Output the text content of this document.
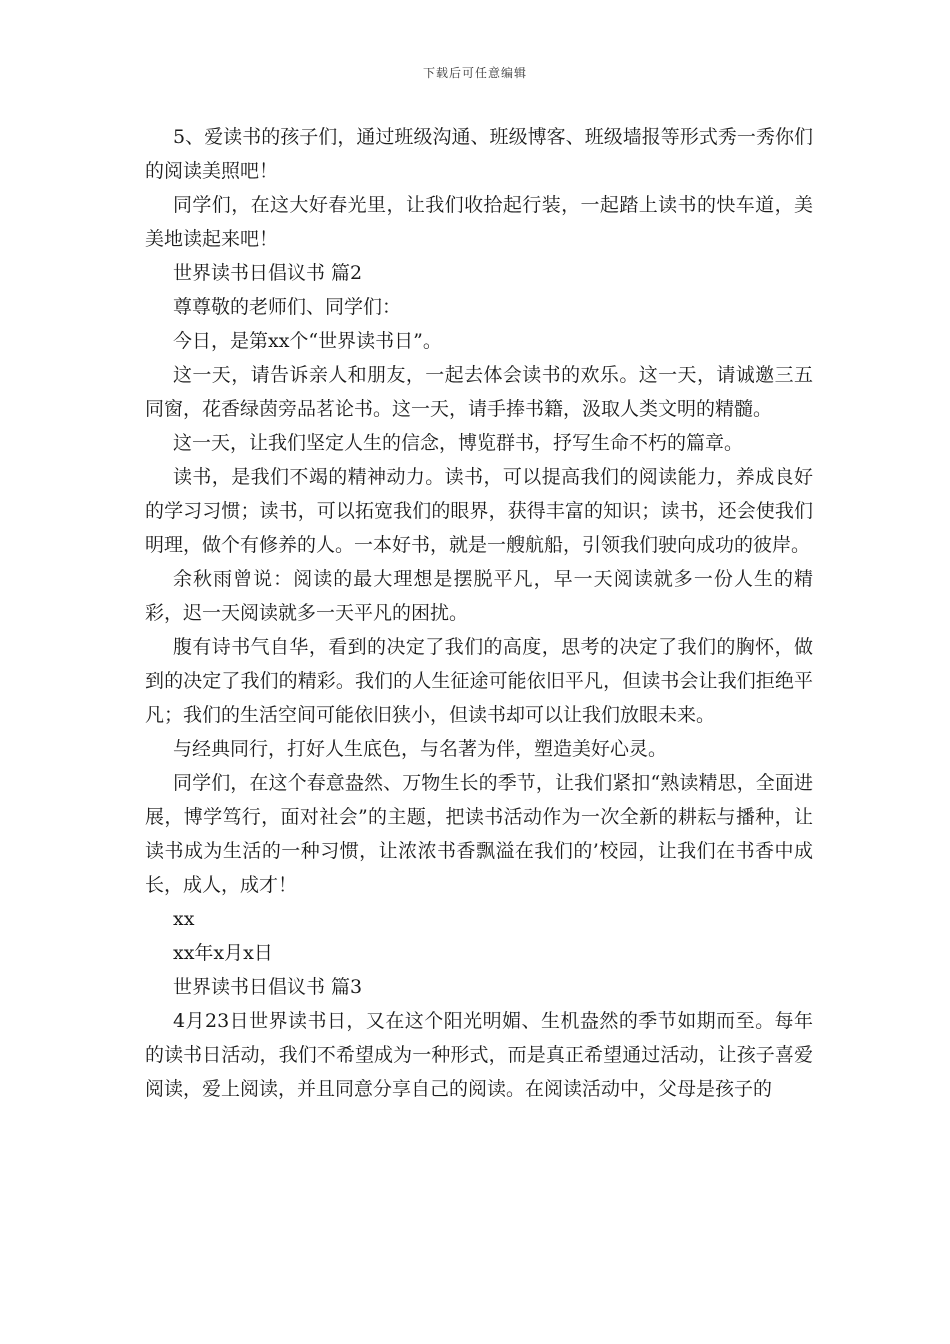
下载后可任意编辑

5、爱读书的孩子们，通过班级沟通、班级博客、班级墙报等形式秀一秀你们的阅读美照吧！

同学们，在这大好春光里，让我们收拾起行装，一起踏上读书的快车道，美美地读起来吧！

世界读书日倡议书 篇2

尊尊敬的老师们、同学们：

今日，是第xx个“世界读书日”。

这一天，请告诉亲人和朋友，一起去体会读书的欢乐。这一天，请诚邀三五同窗，花香绿茵旁品茗论书。这一天，请手捧书籍，汲取人类文明的精髓。

这一天，让我们坚定人生的信念，博览群书，抒写生命不朽的篇章。

读书，是我们不竭的精神动力。读书，可以提高我们的阅读能力，养成良好的学习习惯；读书，可以拓宽我们的眼界，获得丰富的知识；读书，还会使我们明理，做个有修养的人。一本好书，就是一艘航船，引领我们驶向成功的彼岸。

余秋雨曾说：阅读的最大理想是摆脱平凡，早一天阅读就多一份人生的精彩，迟一天阅读就多一天平凡的困扰。

腹有诗书气自华，看到的决定了我们的高度，思考的决定了我们的胸怀，做到的决定了我们的精彩。我们的人生征途可能依旧平凡，但读书会让我们拒绝平凡；我们的生活空间可能依旧狭小，但读书却可以让我们放眼未来。

与经典同行，打好人生底色，与名著为伴，塑造美好心灵。

同学们，在这个春意盎然、万物生长的季节，让我们紧扣“熟读精思，全面进展，博学笃行，面对社会”的主题，把读书活动作为一次全新的耕耘与播种，让读书成为生活的一种习惯，让浓浓书香飘溢在我们的’校园，让我们在书香中成长，成人，成才！

xx

xx年x月x日

世界读书日倡议书 篇3

4月23日世界读书日，又在这个阳光明媚、生机盎然的季节如期而至。每年的读书日活动，我们不希望成为一种形式，而是真正希望通过活动，让孩子喜爱阅读，爱上阅读，并且同意分享自己的阅读。在阅读活动中，父母是孩子的
